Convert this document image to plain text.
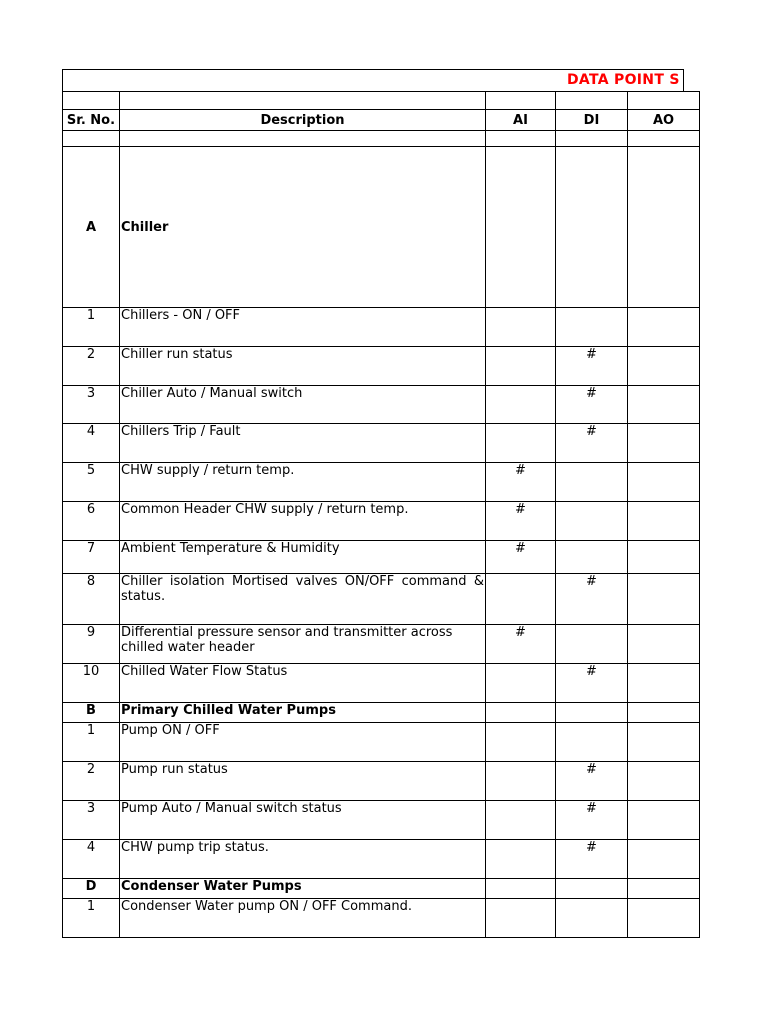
DATA POINT S

Sr. No.	Description	AI	DI	AO

A	Chiller			
1	Chillers - ON / OFF			
2	Chiller run status		#	
3	Chiller Auto / Manual switch		#	
4	Chillers Trip / Fault		#	
5	CHW supply / return temp.	#		
6	Common Header CHW supply / return temp.	#		
7	Ambient Temperature & Humidity	#		
8	Chiller isolation Mortised valves ON/OFF command & status.		#	
9	Differential pressure sensor and transmitter across chilled water header	#		
10	Chilled Water Flow Status		#	
B	Primary Chilled Water Pumps			
1	Pump ON / OFF			
2	Pump run status		#	
3	Pump Auto / Manual switch status		#	
4	CHW pump trip status.		#	
D	Condenser Water Pumps			
1	Condenser Water pump ON / OFF Command.			
